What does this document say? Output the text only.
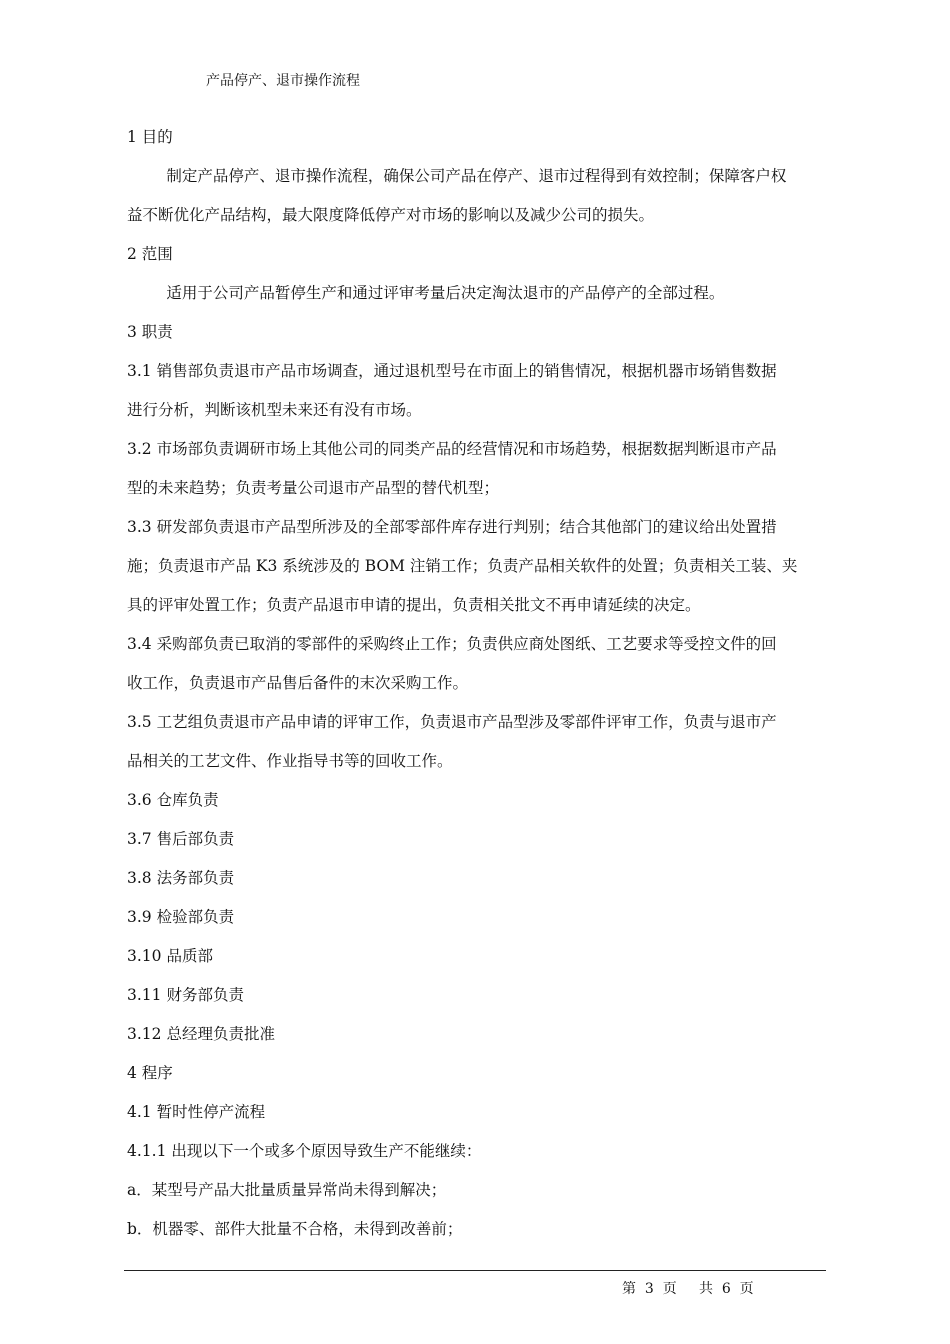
产品停产、退市操作流程

1 目的

制定产品停产、退市操作流程，确保公司产品在停产、退市过程得到有效控制；保障客户权

益不断优化产品结构，最大限度降低停产对市场的影响以及减少公司的损失。

2 范围

适用于公司产品暂停生产和通过评审考量后决定淘汰退市的产品停产的全部过程。

3 职责

3.1 销售部负责退市产品市场调查，通过退机型号在市面上的销售情况，根据机器市场销售数据

进行分析，判断该机型未来还有没有市场。

3.2 市场部负责调研市场上其他公司的同类产品的经营情况和市场趋势，根据数据判断退市产品

型的未来趋势；负责考量公司退市产品型的替代机型；

3.3 研发部负责退市产品型所涉及的全部零部件库存进行判别；结合其他部门的建议给出处置措

施；负责退市产品 K3 系统涉及的 BOM 注销工作；负责产品相关软件的处置；负责相关工装、夹

具的评审处置工作；负责产品退市申请的提出，负责相关批文不再申请延续的决定。

3.4 采购部负责已取消的零部件的采购终止工作；负责供应商处图纸、工艺要求等受控文件的回

收工作，负责退市产品售后备件的末次采购工作。

3.5 工艺组负责退市产品申请的评审工作，负责退市产品型涉及零部件评审工作，负责与退市产

品相关的工艺文件、作业指导书等的回收工作。

3.6 仓库负责

3.7 售后部负责

3.8 法务部负责

3.9 检验部负责

3.10 品质部

3.11 财务部负责

3.12 总经理负责批准

4 程序

4.1 暂时性停产流程

4.1.1 出现以下一个或多个原因导致生产不能继续：

a．某型号产品大批量质量异常尚未得到解决；

b．机器零、部件大批量不合格，未得到改善前；

第  3  页     共  6  页
